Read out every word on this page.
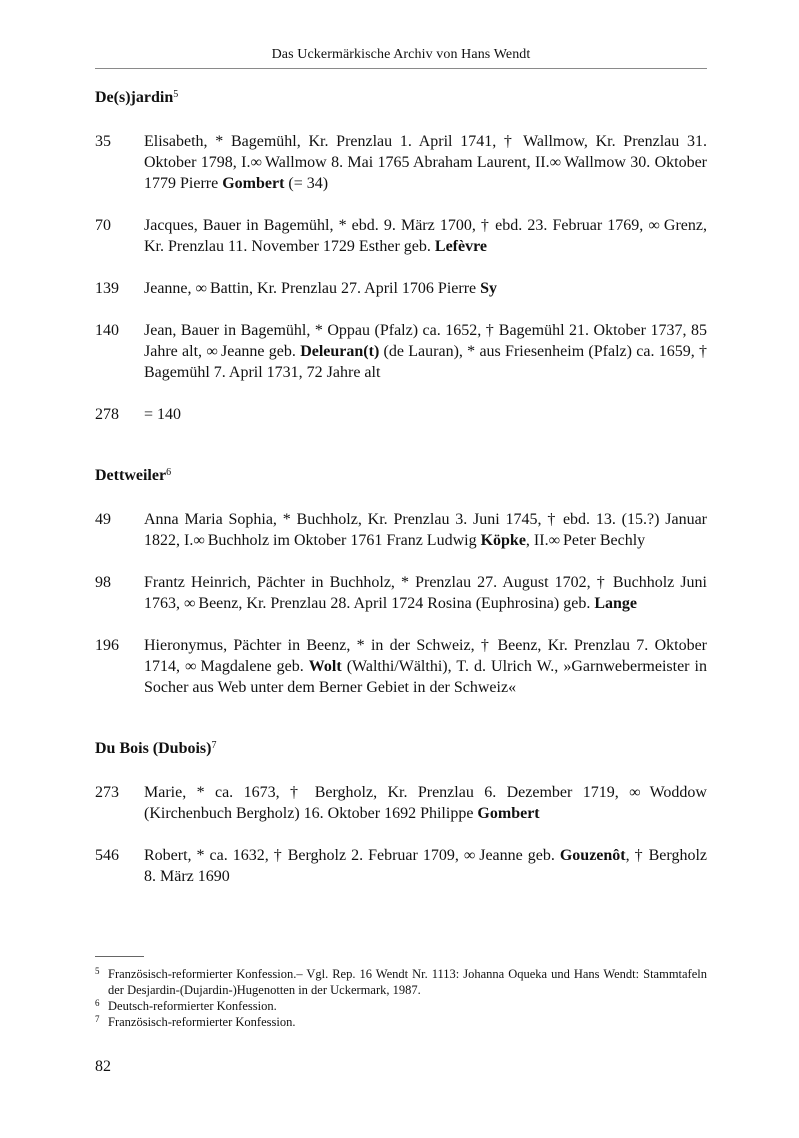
Das Uckermärkische Archiv von Hans Wendt
De(s)jardin$^5$
35 Elisabeth, * Bagemühl, Kr. Prenzlau 1. April 1741, † Wallmow, Kr. Prenzlau 31. Oktober 1798, I.∞ Wallmow 8. Mai 1765 Abraham Laurent, II.∞ Wallmow 30. Oktober 1779 Pierre Gombert (= 34)
70 Jacques, Bauer in Bagemühl, * ebd. 9. März 1700, † ebd. 23. Februar 1769, ∞ Grenz, Kr. Prenzlau 11. November 1729 Esther geb. Lefèvre
139 Jeanne, ∞ Battin, Kr. Prenzlau 27. April 1706 Pierre Sy
140 Jean, Bauer in Bagemühl, * Oppau (Pfalz) ca. 1652, † Bagemühl 21. Oktober 1737, 85 Jahre alt, ∞ Jeanne geb. Deleuran(t) (de Lauran), * aus Friesenheim (Pfalz) ca. 1659, † Bagemühl 7. April 1731, 72 Jahre alt
278 = 140
Dettweiler$^6$
49 Anna Maria Sophia, * Buchholz, Kr. Prenzlau 3. Juni 1745, † ebd. 13. (15.?) Januar 1822, I.∞ Buchholz im Oktober 1761 Franz Ludwig Köpke, II.∞ Peter Bechly
98 Frantz Heinrich, Pächter in Buchholz, * Prenzlau 27. August 1702, † Buchholz Juni 1763, ∞ Beenz, Kr. Prenzlau 28. April 1724 Rosina (Euphrosina) geb. Lange
196 Hieronymus, Pächter in Beenz, * in der Schweiz, † Beenz, Kr. Prenzlau 7. Oktober 1714, ∞ Magdalene geb. Wolt (Walthi/Wälthi), T. d. Ulrich W., »Garnwebermeister in Socher aus Web unter dem Berner Gebiet in der Schweiz«
Du Bois (Dubois)$^7$
273 Marie, * ca. 1673, † Bergholz, Kr. Prenzlau 6. Dezember 1719, ∞ Woddow (Kirchenbuch Bergholz) 16. Oktober 1692 Philippe Gombert
546 Robert, * ca. 1632, † Bergholz 2. Februar 1709, ∞ Jeanne geb. Gouzenôt, † Bergholz 8. März 1690
5 Französisch-reformierter Konfession.– Vgl. Rep. 16 Wendt Nr. 1113: Johanna Oqueka und Hans Wendt: Stammtafeln der Desjardin-(Dujardin-)Hugenotten in der Uckermark, 1987.
6 Deutsch-reformierter Konfession.
7 Französisch-reformierter Konfession.
82
